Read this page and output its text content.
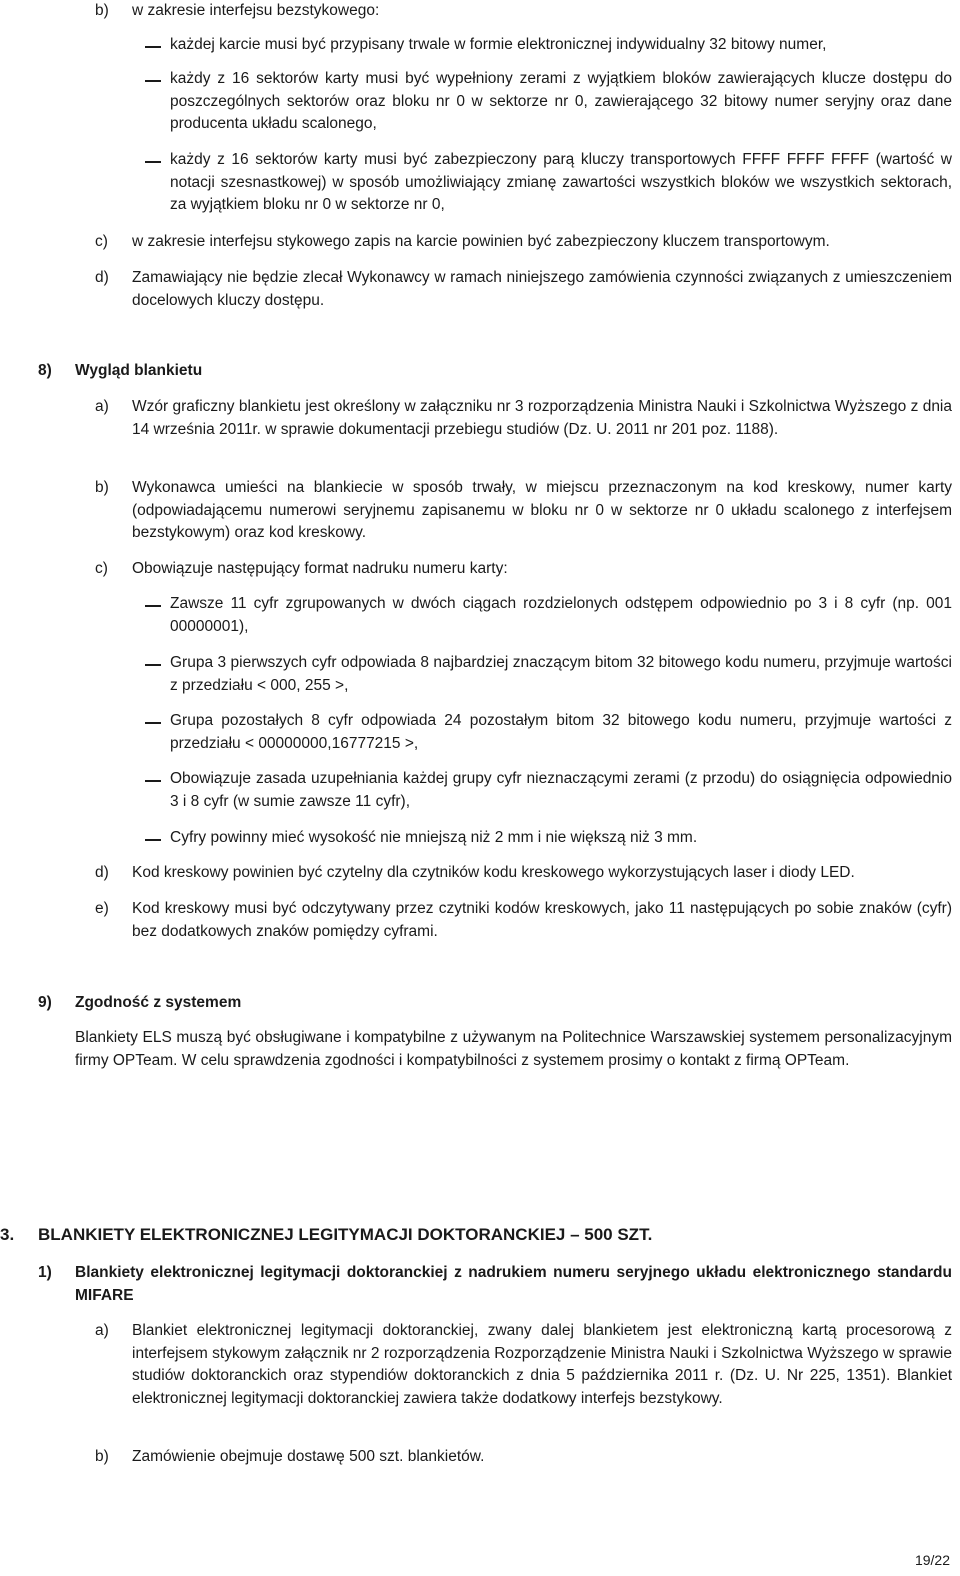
b) w zakresie interfejsu bezstykowego:
każdej karcie musi być przypisany trwale w formie elektronicznej indywidualny 32 bitowy numer,
każdy z 16 sektorów karty musi być wypełniony zerami z wyjątkiem bloków zawierających klucze dostępu do poszczególnych sektorów oraz bloku nr 0 w sektorze nr 0, zawierającego 32 bitowy numer seryjny oraz dane producenta układu scalonego,
każdy z 16 sektorów karty musi być zabezpieczony parą kluczy transportowych FFFF FFFF FFFF (wartość w notacji szesnastkowej) w sposób umożliwiający zmianę zawartości wszystkich bloków we wszystkich sektorach, za wyjątkiem bloku nr 0 w sektorze nr 0,
c) w zakresie interfejsu stykowego zapis na karcie powinien być zabezpieczony kluczem transportowym.
d) Zamawiający nie będzie zlecał Wykonawcy w ramach niniejszego zamówienia czynności związanych z umieszczeniem docelowych kluczy dostępu.
8) Wygląd blankietu
a) Wzór graficzny blankietu jest określony w załączniku nr 3 rozporządzenia Ministra Nauki i Szkolnictwa Wyższego z dnia 14 września 2011r. w sprawie dokumentacji przebiegu studiów (Dz. U. 2011 nr 201 poz. 1188).
b) Wykonawca umieści na blankiecie w sposób trwały, w miejscu przeznaczonym na kod kreskowy, numer karty (odpowiadającemu numerowi seryjnemu zapisanemu w bloku nr 0 w sektorze nr 0 układu scalonego z interfejsem bezstykowym) oraz kod kreskowy.
c) Obowiązuje następujący format nadruku numeru karty:
Zawsze 11 cyfr zgrupowanych w dwóch ciągach rozdzielonych odstępem odpowiednio po 3 i 8 cyfr (np. 001 00000001),
Grupa 3 pierwszych cyfr odpowiada 8 najbardziej znaczącym bitom 32 bitowego kodu numeru, przyjmuje wartości z przedziału < 000, 255 >,
Grupa pozostałych 8 cyfr odpowiada 24 pozostałym bitom 32 bitowego kodu numeru, przyjmuje wartości z przedziału < 00000000,16777215 >,
Obowiązuje zasada uzupełniania każdej grupy cyfr nieznaczącymi zerami (z przodu) do osiągnięcia odpowiednio 3 i 8 cyfr (w sumie zawsze 11 cyfr),
Cyfry powinny mieć wysokość nie mniejszą niż 2 mm i nie większą niż 3 mm.
d) Kod kreskowy powinien być czytelny dla czytników kodu kreskowego wykorzystujących laser i diody LED.
e) Kod kreskowy musi być odczytywany przez czytniki kodów kreskowych, jako 11 następujących po sobie znaków (cyfr) bez dodatkowych znaków pomiędzy cyframi.
9) Zgodność z systemem
Blankiety ELS muszą być obsługiwane i kompatybilne z używanym na Politechnice Warszawskiej systemem personalizacyjnym firmy OPTeam. W celu sprawdzenia zgodności i kompatybilności z systemem prosimy o kontakt z firmą OPTeam.
3. BLANKIETY ELEKTRONICZNEJ LEGITYMACJI DOKTORANCKIEJ – 500 SZT.
1) Blankiety elektronicznej legitymacji doktoranckiej z nadrukiem numeru seryjnego układu elektronicznego standardu MIFARE
a) Blankiet elektronicznej legitymacji doktoranckiej, zwany dalej blankietem jest elektroniczną kartą procesorową z interfejsem stykowym załącznik nr 2 rozporządzenia Rozporządzenie Ministra Nauki i Szkolnictwa Wyższego w sprawie studiów doktoranckich oraz stypendiów doktoranckich z dnia 5 października 2011 r. (Dz. U. Nr 225, 1351). Blankiet elektronicznej legitymacji doktoranckiej zawiera także dodatkowy interfejs bezstykowy.
b) Zamówienie obejmuje dostawę 500 szt. blankietów.
19/22
